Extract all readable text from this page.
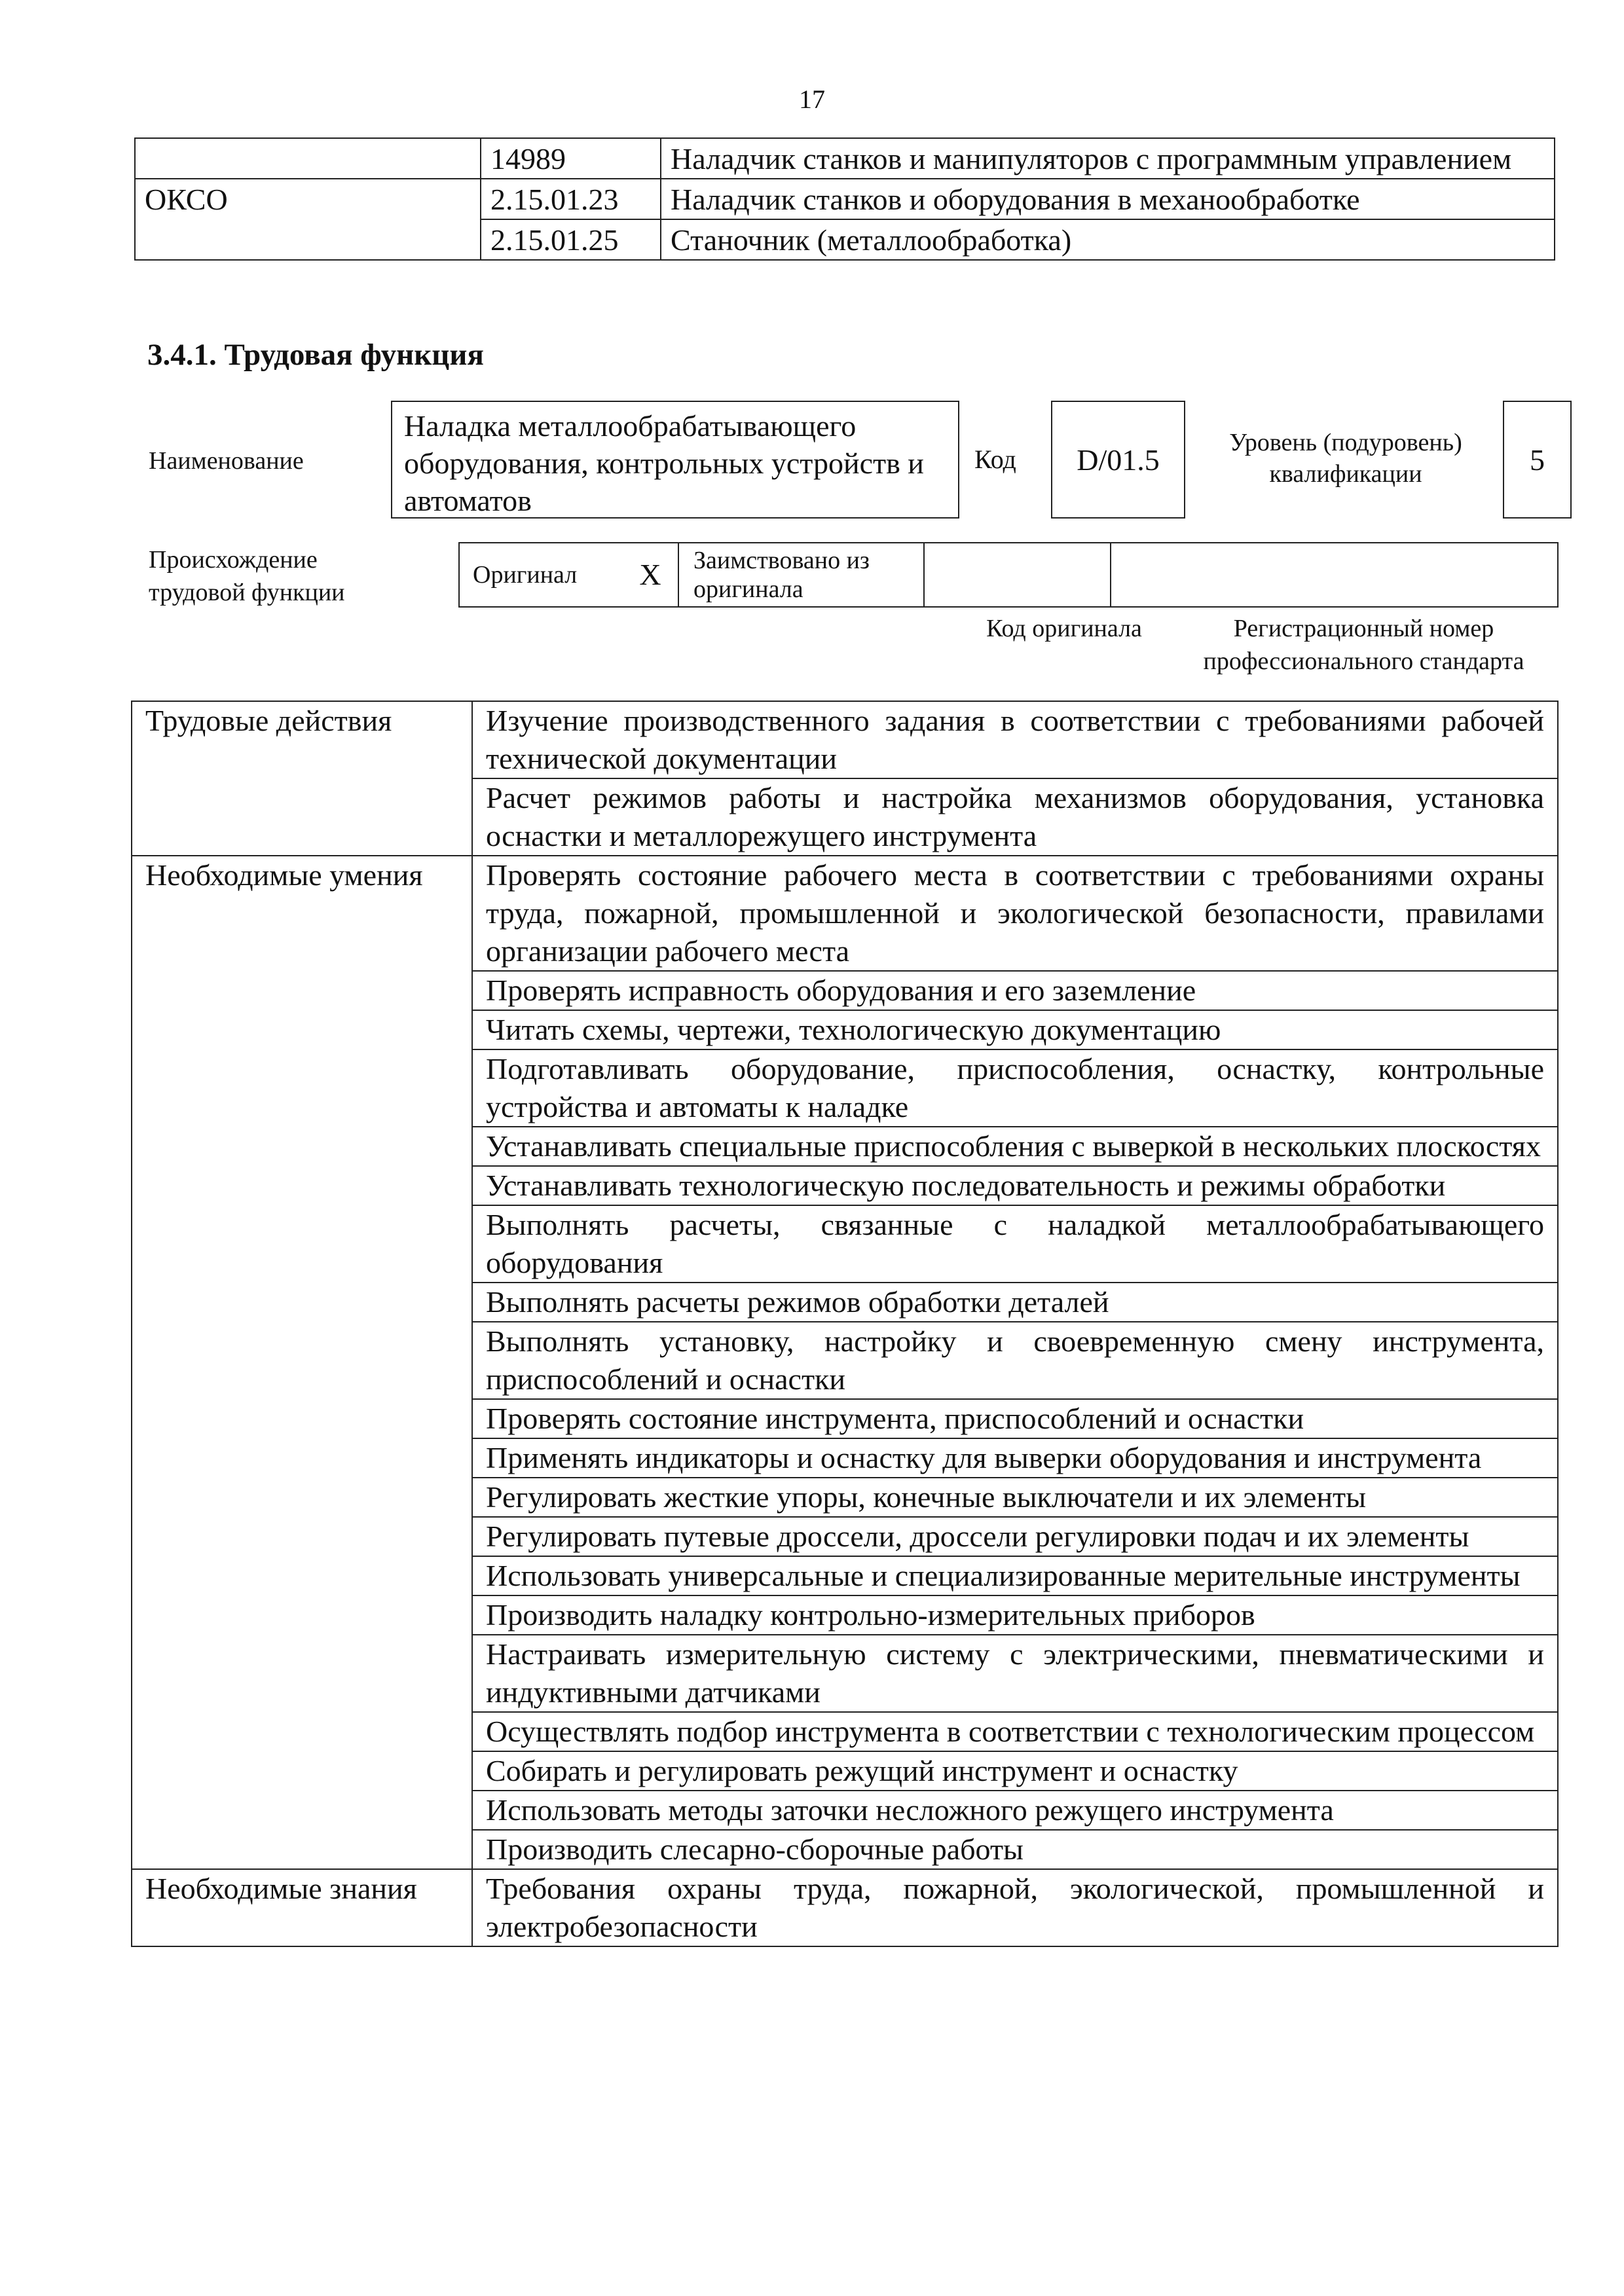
17
	14989	Наладчик станков и манипуляторов с программным управлением
ОКСО	2.15.01.23	Наладчик станков и оборудования в механообработке
	2.15.01.25	Станочник (металлообработка)
3.4.1. Трудовая функция
Наименование
Наладка металлообрабатывающего оборудования, контрольных устройств и автоматов
Код	D/01.5
Уровень (подуровень) квалификации	5
Происхождение трудовой функции
Оригинал	X	Заимствовано из оригинала		
Код оригинала	Регистрационный номер профессионального стандарта
Трудовые действия	Изучение производственного задания в соответствии с требованиями рабочей технической документации
	Расчет режимов работы и настройка механизмов оборудования, установка оснастки и металлорежущего инструмента
Необходимые умения	Проверять состояние рабочего места в соответствии с требованиями охраны труда, пожарной, промышленной и экологической безопасности, правилами организации рабочего места
	Проверять исправность оборудования и его заземление
	Читать схемы, чертежи, технологическую документацию
	Подготавливать оборудование, приспособления, оснастку, контрольные устройства и автоматы к наладке
	Устанавливать специальные приспособления с выверкой в нескольких плоскостях
	Устанавливать технологическую последовательность и режимы обработки
	Выполнять расчеты, связанные с наладкой металлообрабатывающего оборудования
	Выполнять расчеты режимов обработки деталей
	Выполнять установку, настройку и своевременную смену инструмента, приспособлений и оснастки
	Проверять состояние инструмента, приспособлений и оснастки
	Применять индикаторы и оснастку для выверки оборудования и инструмента
	Регулировать жесткие упоры, конечные выключатели и их элементы
	Регулировать путевые дроссели, дроссели регулировки подач и их элементы
	Использовать универсальные и специализированные мерительные инструменты
	Производить наладку контрольно-измерительных приборов
	Настраивать измерительную систему с электрическими, пневматическими и индуктивными датчиками
	Осуществлять подбор инструмента в соответствии с технологическим процессом
	Собирать и регулировать режущий инструмент и оснастку
	Использовать методы заточки несложного режущего инструмента
	Производить слесарно-сборочные работы
Необходимые знания	Требования охраны труда, пожарной, экологической, промышленной и электробезопасности
